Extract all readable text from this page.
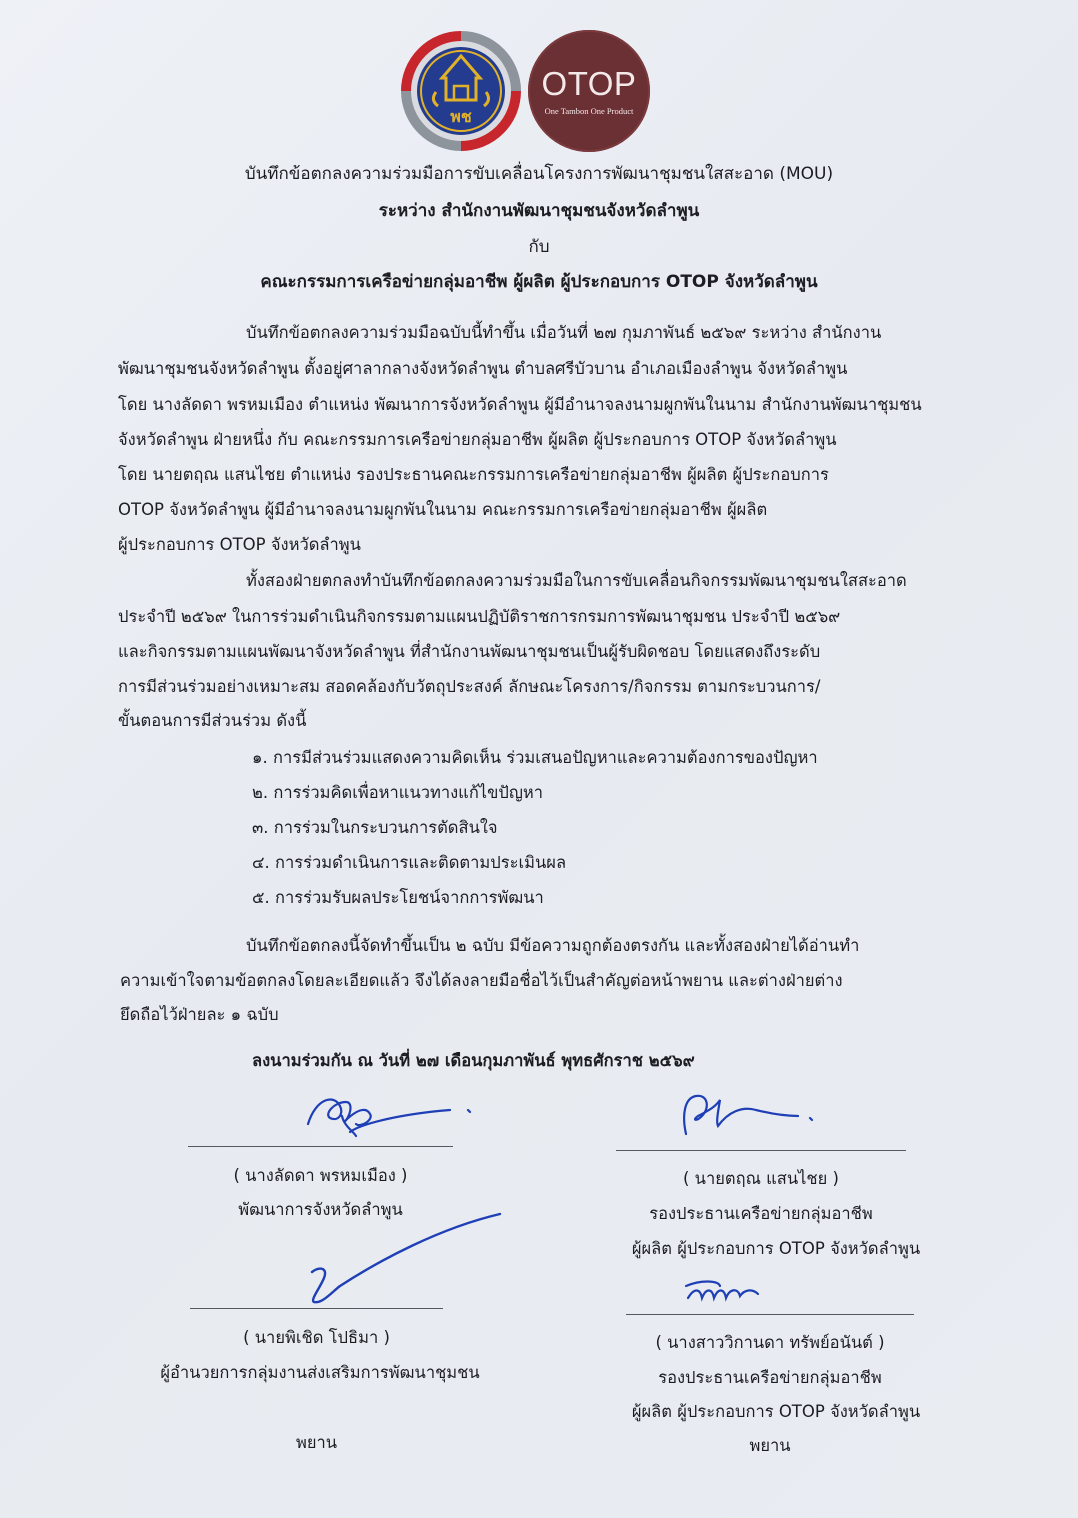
พช
OTOP
One Tambon One Product
บันทึกข้อตกลงความร่วมมือการขับเคลื่อนโครงการพัฒนาชุมชนใสสะอาด (MOU)
ระหว่าง สำนักงานพัฒนาชุมชนจังหวัดลำพูน
กับ
คณะกรรมการเครือข่ายกลุ่มอาชีพ ผู้ผลิต ผู้ประกอบการ OTOP จังหวัดลำพูน
บันทึกข้อตกลงความร่วมมือฉบับนี้ทำขึ้น เมื่อวันที่ ๒๗ กุมภาพันธ์ ๒๕๖๙ ระหว่าง สำนักงาน
พัฒนาชุมชนจังหวัดลำพูน ตั้งอยู่ศาลากลางจังหวัดลำพูน ตำบลศรีบัวบาน อำเภอเมืองลำพูน จังหวัดลำพูน
โดย นางลัดดา พรหมเมือง ตำแหน่ง พัฒนาการจังหวัดลำพูน ผู้มีอำนาจลงนามผูกพันในนาม สำนักงานพัฒนาชุมชน
จังหวัดลำพูน ฝ่ายหนึ่ง กับ คณะกรรมการเครือข่ายกลุ่มอาชีพ ผู้ผลิต ผู้ประกอบการ OTOP จังหวัดลำพูน
โดย นายตฤณ แสนไชย ตำแหน่ง รองประธานคณะกรรมการเครือข่ายกลุ่มอาชีพ ผู้ผลิต ผู้ประกอบการ
OTOP จังหวัดลำพูน ผู้มีอำนาจลงนามผูกพันในนาม คณะกรรมการเครือข่ายกลุ่มอาชีพ ผู้ผลิต
ผู้ประกอบการ OTOP จังหวัดลำพูน
ทั้งสองฝ่ายตกลงทำบันทึกข้อตกลงความร่วมมือในการขับเคลื่อนกิจกรรมพัฒนาชุมชนใสสะอาด
ประจำปี ๒๕๖๙ ในการร่วมดำเนินกิจกรรมตามแผนปฏิบัติราชการกรมการพัฒนาชุมชน ประจำปี ๒๕๖๙
และกิจกรรมตามแผนพัฒนาจังหวัดลำพูน ที่สำนักงานพัฒนาชุมชนเป็นผู้รับผิดชอบ โดยแสดงถึงระดับ
การมีส่วนร่วมอย่างเหมาะสม สอดคล้องกับวัตถุประสงค์ ลักษณะโครงการ/กิจกรรม ตามกระบวนการ/
ขั้นตอนการมีส่วนร่วม ดังนี้
๑. การมีส่วนร่วมแสดงความคิดเห็น ร่วมเสนอปัญหาและความต้องการของปัญหา
๒. การร่วมคิดเพื่อหาแนวทางแก้ไขปัญหา
๓. การร่วมในกระบวนการตัดสินใจ
๔. การร่วมดำเนินการและติดตามประเมินผล
๕. การร่วมรับผลประโยชน์จากการพัฒนา
บันทึกข้อตกลงนี้จัดทำขึ้นเป็น ๒ ฉบับ มีข้อความถูกต้องตรงกัน และทั้งสองฝ่ายได้อ่านทำ
ความเข้าใจตามข้อตกลงโดยละเอียดแล้ว จึงได้ลงลายมือชื่อไว้เป็นสำคัญต่อหน้าพยาน และต่างฝ่ายต่าง
ยึดถือไว้ฝ่ายละ ๑ ฉบับ
ลงนามร่วมกัน ณ วันที่ ๒๗ เดือนกุมภาพันธ์ พุทธศักราช ๒๕๖๙
( นางลัดดา พรหมเมือง )
พัฒนาการจังหวัดลำพูน
( นายตฤณ แสนไชย )
รองประธานเครือข่ายกลุ่มอาชีพ
ผู้ผลิต ผู้ประกอบการ OTOP จังหวัดลำพูน
( นายพิเชิด โปธิมา )
ผู้อำนวยการกลุ่มงานส่งเสริมการพัฒนาชุมชน
พยาน
( นางสาววิกานดา ทรัพย์อนันต์ )
รองประธานเครือข่ายกลุ่มอาชีพ
ผู้ผลิต ผู้ประกอบการ OTOP จังหวัดลำพูน
พยาน
